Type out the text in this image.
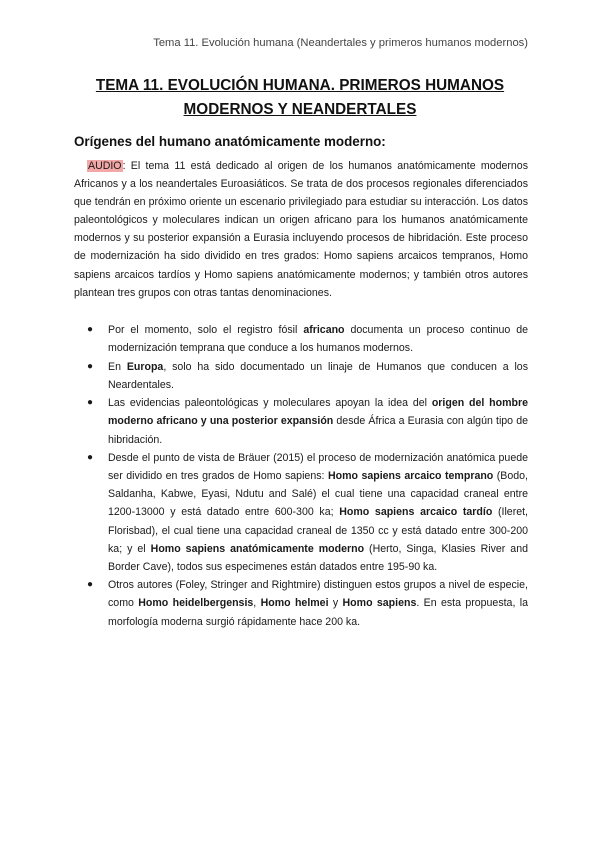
Tema 11. Evolución humana (Neandertales y primeros humanos modernos)
TEMA 11. EVOLUCIÓN HUMANA. PRIMEROS HUMANOS
MODERNOS Y NEANDERTALES
Orígenes del humano anatómicamente moderno:

AUDIO: El tema 11 está dedicado al origen de los humanos anatómicamente modernos Africanos y a los neandertales Euroasiáticos. Se trata de dos procesos regionales diferenciados que tendrán en próximo oriente un escenario privilegiado para estudiar su interacción. Los datos paleontológicos y moleculares indican un origen africano para los humanos anatómicamente modernos y su posterior expansión a Eurasia incluyendo procesos de hibridación. Este proceso de modernización ha sido dividido en tres grados: Homo sapiens arcaicos tempranos, Homo sapiens arcaicos tardíos y Homo sapiens anatómicamente modernos; y también otros autores plantean tres grupos con otras tantas denominaciones.

● Por el momento, solo el registro fósil africano documenta un proceso continuo de modernización temprana que conduce a los humanos modernos.
● En Europa, solo ha sido documentado un linaje de Humanos que conducen a los Neardentales.
● Las evidencias paleontológicas y moleculares apoyan la idea del origen del hombre moderno africano y una posterior expansión desde África a Eurasia con algún tipo de hibridación.
● Desde el punto de vista de Bräuer (2015) el proceso de modernización anatómica puede ser dividido en tres grados de Homo sapiens: Homo sapiens arcaico temprano (Bodo, Saldanha, Kabwe, Eyasi, Ndutu and Salé) el cual tiene una capacidad craneal entre 1200-13000 y está datado entre 600-300 ka; Homo sapiens arcaico tardío (Ileret, Florisbad), el cual tiene una capacidad craneal de 1350 cc y está datado entre 300-200 ka; y el Homo sapiens anatómicamente moderno (Herto, Singa, Klasies River and Border Cave), todos sus especimenes están datados entre 195-90 ka.
● Otros autores (Foley, Stringer and Rightmire) distinguen estos grupos a nivel de especie, como Homo heidelbergensis, Homo helmei y Homo sapiens. En esta propuesta, la morfología moderna surgió rápidamente hace 200 ka.
